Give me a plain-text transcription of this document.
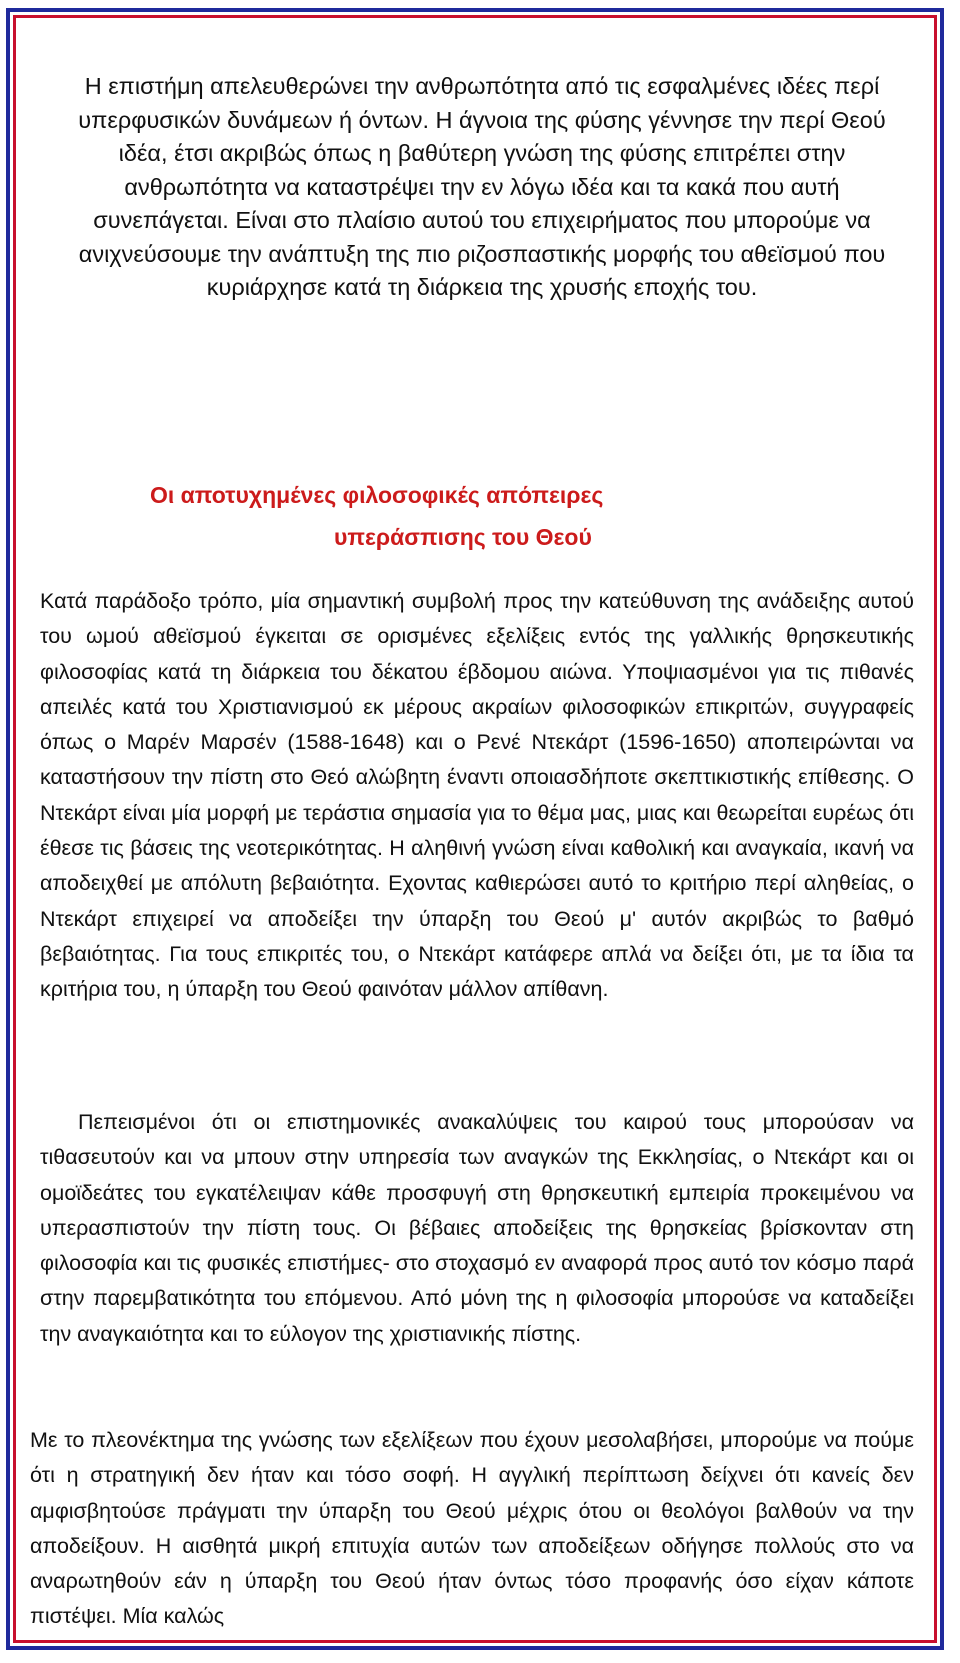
Η επιστήμη απελευθερώνει την ανθρωπότητα από τις εσφαλμένες ιδέες περί υπερφυσικών δυνάμεων ή όντων. Η άγνοια της φύσης γέννησε την περί Θεού ιδέα, έτσι ακριβώς όπως η βαθύτερη γνώση της φύσης επιτρέπει στην ανθρωπότητα να καταστρέψει την εν λόγω ιδέα και τα κακά που αυτή συνεπάγεται. Είναι στο πλαίσιο αυτού του επιχειρήματος που μπορούμε να ανιχνεύσουμε την ανάπτυξη της πιο ριζοσπαστικής μορφής του αθεϊσμού που κυριάρχησε κατά τη διάρκεια της χρυσής εποχής του.

Οι αποτυχημένες φιλοσοφικές απόπειρες
υπεράσπισης του Θεού

Κατά παράδοξο τρόπο, μία σημαντική συμβολή προς την κατεύθυνση της ανάδειξης αυτού του ωμού αθεϊσμού έγκειται σε ορισμένες εξελίξεις εντός της γαλλικής θρησκευτικής φιλοσοφίας κατά τη διάρκεια του δέκατου έβδομου αιώνα. Υποψιασμένοι για τις πιθανές απειλές κατά του Χριστιανισμού εκ μέρους ακραίων φιλοσοφικών επικριτών, συγγραφείς όπως ο Μαρέν Μαρσέν (1588-1648) και ο Ρενέ Ντεκάρτ (1596-1650) αποπειρώνται να καταστήσουν την πίστη στο Θεό αλώβητη έναντι οποιασδήποτε σκεπτικιστικής επίθεσης. Ο Ντεκάρτ είναι μία μορφή με τεράστια σημασία για το θέμα μας, μιας και θεωρείται ευρέως ότι έθεσε τις βάσεις της νεοτερικότητας. Η αληθινή γνώση είναι καθολική και αναγκαία, ικανή να αποδειχθεί με απόλυτη βεβαιότητα. Εχοντας καθιερώσει αυτό το κριτήριο περί αληθείας, ο Ντεκάρτ επιχειρεί να αποδείξει την ύπαρξη του Θεού μ' αυτόν ακριβώς το βαθμό βεβαιότητας. Για τους επικριτές του, ο Ντεκάρτ κατάφερε απλά να δείξει ότι, με τα ίδια τα κριτήρια του, η ύπαρξη του Θεού φαινόταν μάλλον απίθανη.

Πεπεισμένοι ότι οι επιστημονικές ανακαλύψεις του καιρού τους μπορούσαν να τιθασευτούν και να μπουν στην υπηρεσία των αναγκών της Εκκλησίας, ο Ντεκάρτ και οι ομοϊδεάτες του εγκατέλειψαν κάθε προσφυγή στη θρησκευτική εμπειρία προκειμένου να υπερασπιστούν την πίστη τους. Οι βέβαιες αποδείξεις της θρησκείας βρίσκονταν στη φιλοσοφία και τις φυσικές επιστήμες- στο στοχασμό εν αναφορά προς αυτό τον κόσμο παρά στην παρεμβατικότητα του επόμενου. Από μόνη της η φιλοσοφία μπορούσε να καταδείξει την αναγκαιότητα και το εύλογον της χριστιανικής πίστης.

Με το πλεονέκτημα της γνώσης των εξελίξεων που έχουν μεσολαβήσει, μπορούμε να πούμε ότι η στρατηγική δεν ήταν και τόσο σοφή. Η αγγλική περίπτωση δείχνει ότι κανείς δεν αμφισβητούσε πράγματι την ύπαρξη του Θεού μέχρις ότου οι θεολόγοι βαλθούν να την αποδείξουν. Η αισθητά μικρή επιτυχία αυτών των αποδείξεων οδήγησε πολλούς στο να αναρωτηθούν εάν η ύπαρξη του Θεού ήταν όντως τόσο προφανής όσο είχαν κάποτε πιστέψει. Μία καλώς
